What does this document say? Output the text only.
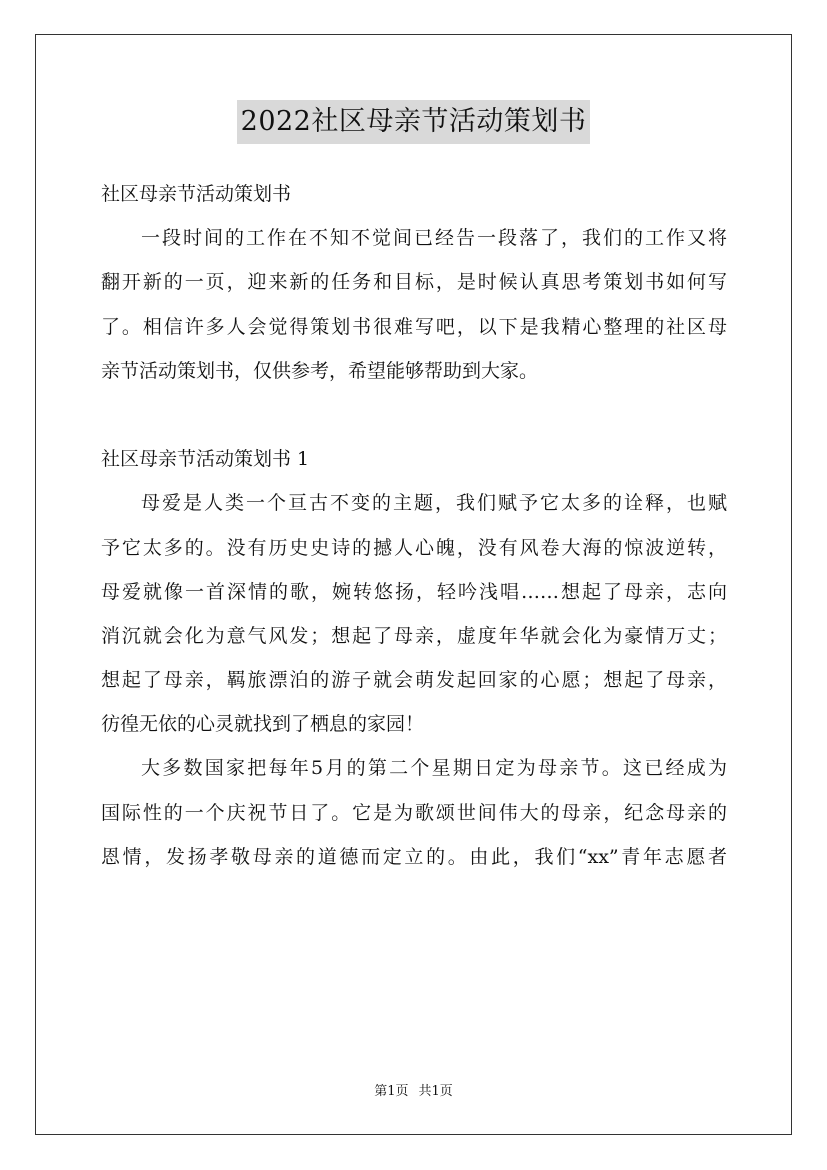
2022社区母亲节活动策划书
社区母亲节活动策划书
一段时间的工作在不知不觉间已经告一段落了，我们的工作又将
翻开新的一页，迎来新的任务和目标，是时候认真思考策划书如何写
了。相信许多人会觉得策划书很难写吧，以下是我精心整理的社区母
亲节活动策划书，仅供参考，希望能够帮助到大家。
社区母亲节活动策划书 1
母爱是人类一个亘古不变的主题，我们赋予它太多的诠释，也赋
予它太多的。没有历史史诗的撼人心魄，没有风卷大海的惊波逆转，
母爱就像一首深情的歌，婉转悠扬，轻吟浅唱……想起了母亲，志向
消沉就会化为意气风发；想起了母亲，虚度年华就会化为豪情万丈；
想起了母亲，羁旅漂泊的游子就会萌发起回家的心愿；想起了母亲，
彷徨无依的心灵就找到了栖息的家园！
大多数国家把每年5月的第二个星期日定为母亲节。这已经成为
国际性的一个庆祝节日了。它是为歌颂世间伟大的母亲，纪念母亲的
恩情，发扬孝敬母亲的道德而定立的。由此，我们“xx”青年志愿者
第1页 共1页
